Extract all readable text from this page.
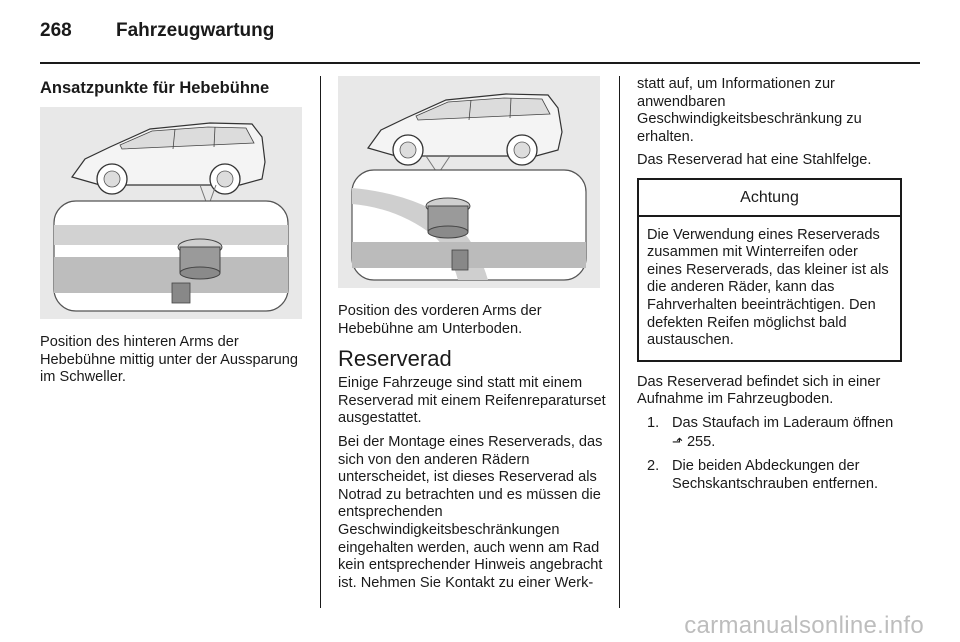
268 Fahrzeugwartung
Ansatzpunkte für Hebebühne

Position des hinteren Arms der Hebebühne mittig unter der Aussparung im Schweller.

Position des vorderen Arms der Hebebühne am Unterboden.

Reserverad

Einige Fahrzeuge sind statt mit einem Reserverad mit einem Reifenreparaturset ausgestattet.

Bei der Montage eines Reserverads, das sich von den anderen Rädern unterscheidet, ist dieses Reserverad als Notrad zu betrachten und es müssen die entsprechenden Geschwindigkeitsbeschränkungen eingehalten werden, auch wenn am Rad kein entsprechender Hinweis angebracht ist. Nehmen Sie Kontakt zu einer Werk-

statt auf, um Informationen zur anwendbaren Geschwindigkeitsbeschränkung zu erhalten.

Das Reserverad hat eine Stahlfelge.

Achtung
Die Verwendung eines Reserverads zusammen mit Winterreifen oder eines Reserverads, das kleiner ist als die anderen Räder, kann das Fahrverhalten beeinträchtigen. Den defekten Reifen möglichst bald austauschen.

Das Reserverad befindet sich in einer Aufnahme im Fahrzeugboden.

1. Das Staufach im Laderaum öffnen ⬏ 255.
2. Die beiden Abdeckungen der Sechskantschrauben entfernen.
carmanualsonline.info
